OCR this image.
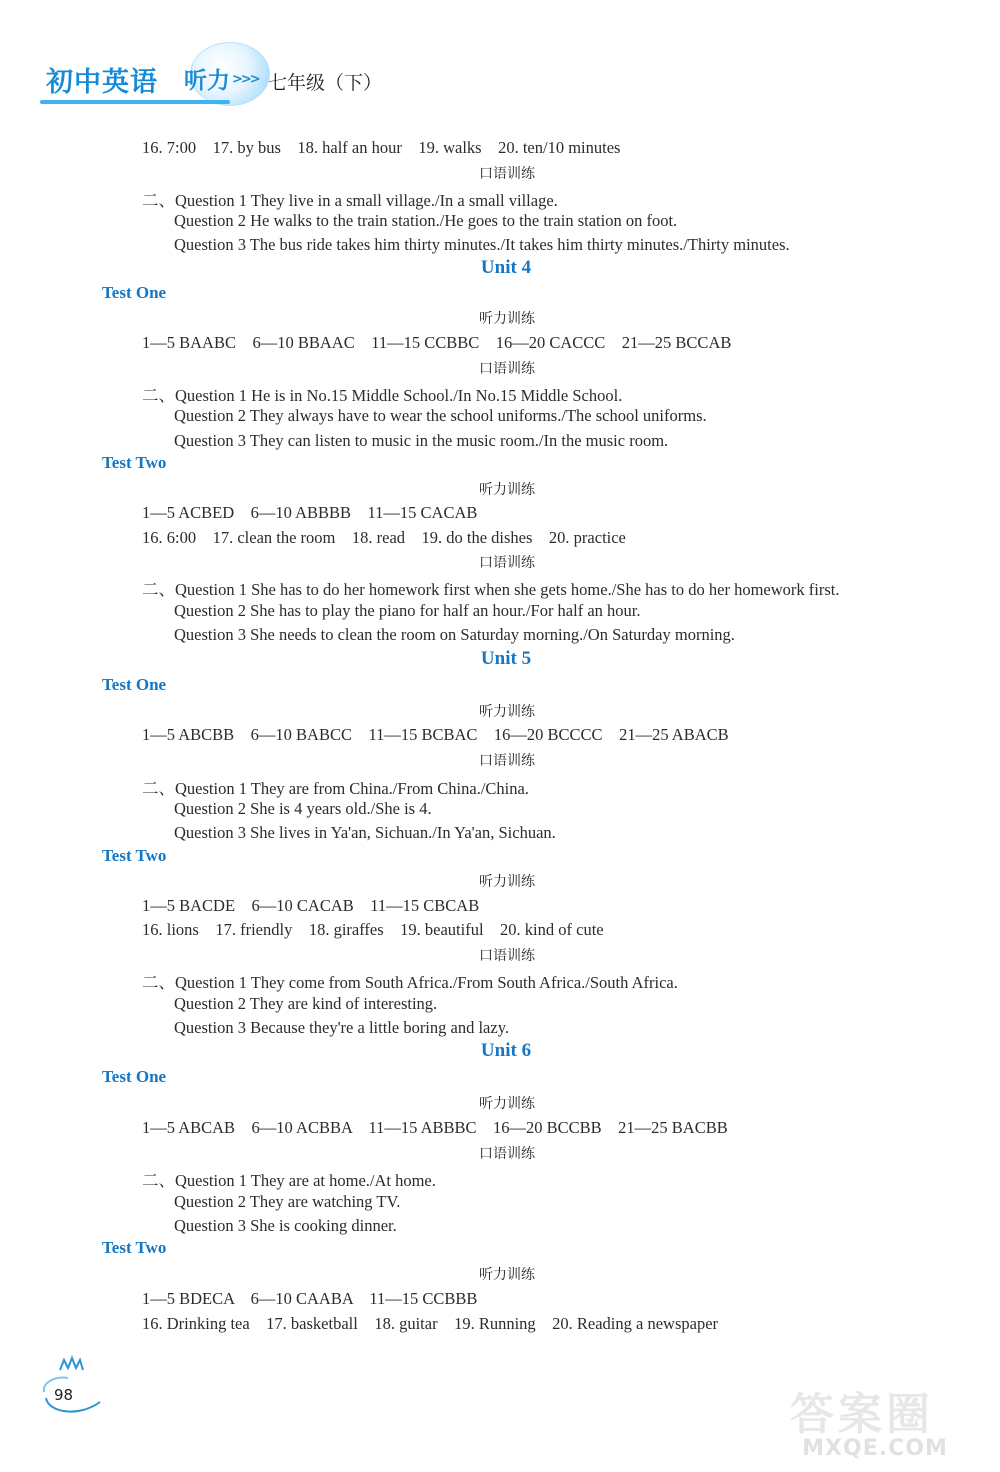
初中英语 听力 >>> 七年级（下）
16. 7:00    17. by bus    18. half an hour    19. walks    20. ten/10 minutes
口语训练
二、Question 1 They live in a small village./In a small village.
Question 2 He walks to the train station./He goes to the train station on foot.
Question 3 The bus ride takes him thirty minutes./It takes him thirty minutes./Thirty minutes.
Unit 4
Test One
听力训练
1—5 BAABC    6—10 BBAAC    11—15 CCBBC    16—20 CACCC    21—25 BCCAB
口语训练
二、Question 1 He is in No.15 Middle School./In No.15 Middle School.
Question 2 They always have to wear the school uniforms./The school uniforms.
Question 3 They can listen to music in the music room./In the music room.
Test Two
听力训练
1—5 ACBED    6—10 ABBBB    11—15 CACAB
16. 6:00    17. clean the room    18. read    19. do the dishes    20. practice
口语训练
二、Question 1 She has to do her homework first when she gets home./She has to do her homework first.
Question 2 She has to play the piano for half an hour./For half an hour.
Question 3 She needs to clean the room on Saturday morning./On Saturday morning.
Unit 5
Test One
听力训练
1—5 ABCBB    6—10 BABCC    11—15 BCBAC    16—20 BCCCC    21—25 ABACB
口语训练
二、Question 1 They are from China./From China./China.
Question 2 She is 4 years old./She is 4.
Question 3 She lives in Ya'an, Sichuan./In Ya'an, Sichuan.
Test Two
听力训练
1—5 BACDE    6—10 CACAB    11—15 CBCAB
16. lions    17. friendly    18. giraffes    19. beautiful    20. kind of cute
口语训练
二、Question 1 They come from South Africa./From South Africa./South Africa.
Question 2 They are kind of interesting.
Question 3 Because they're a little boring and lazy.
Unit 6
Test One
听力训练
1—5 ABCAB    6—10 ACBBA    11—15 ABBBC    16—20 BCCBB    21—25 BACBB
口语训练
二、Question 1 They are at home./At home.
Question 2 They are watching TV.
Question 3 She is cooking dinner.
Test Two
听力训练
1—5 BDECA    6—10 CAABA    11—15 CCBBB
16. Drinking tea    17. basketball    18. guitar    19. Running    20. Reading a newspaper
98	答案圈
MXQE.COM
